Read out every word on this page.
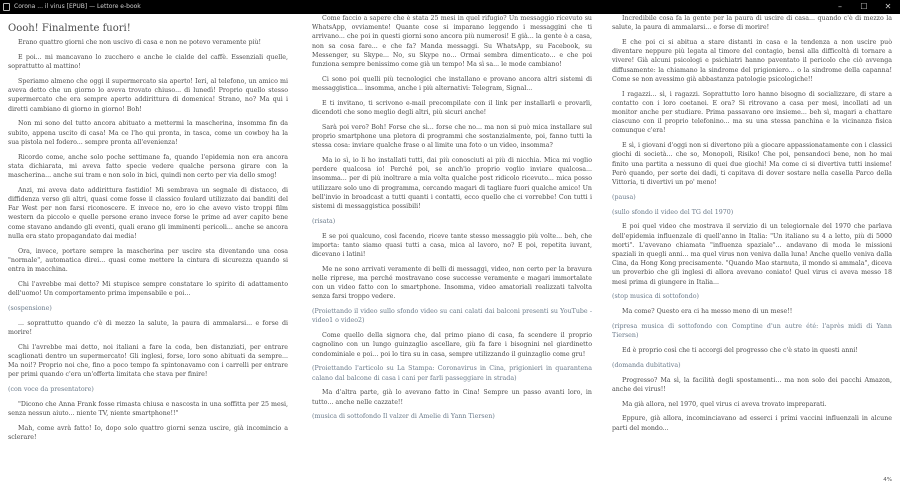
Corona ... il virus [EPUB] — Lettore e-book	–	☐	✕

Oooh! Finalmente fuori!

Erano quattro giorni che non uscivo di casa e non ne potevo veramente più!

E poi... mi mancavano lo zucchero e anche le cialde del caffè. Essenziali quelle, soprattutto al mattino!

Speriamo almeno che oggi il supermercato sia aperto! Ieri, al telefono, un amico mi aveva detto che un giorno lo aveva trovato chiuso... di lunedì! Proprio quello stesso supermercato che era sempre aperto addirittura di domenica! Strano, no? Ma qui i diretti cambiano di giorno in giorno! Boh!

Non mi sono del tutto ancora abituato a mettermi la mascherina, insomma fin da subito, appena uscito di casa! Ma ce l'ho qui pronta, in tasca, come un cowboy ha la sua pistola nel fodero... sempre pronta all'evenienza!

Ricordo come, anche solo poche settimane fa, quando l'epidemia non era ancora stata dichiarata, mi aveva fatto specie vedere qualche persona girare con la mascherina... anche sui tram e non solo in bici, quindi non certo per via dello smog!

Anzi, mi aveva dato addirittura fastidio! Mi sembrava un segnale di distacco, di diffidenza verso gli altri, quasi come fosse il classico foulard utilizzato dai banditi del Far West per non farsi riconoscere. E invece no, ero io che avevo visto troppi film western da piccolo e quelle persone erano invece forse le prime ad aver capito bene come stavano andando gli eventi, quali erano gli imminenti pericoli... anche se ancora nulla era stato propagandato dai media!

Ora, invece, portare sempre la mascherina per uscire sta diventando una cosa "normale", automatica direi... quasi come mettere la cintura di sicurezza quando si entra in macchina.

Chi l'avrebbe mai detto? Mi stupisce sempre constatare lo spirito di adattamento dell'uomo! Un comportamento prima impensabile e poi...

(sospensione)

... soprattutto quando c'è di mezzo la salute, la paura di ammalarsi... e forse di morire!

Chi l'avrebbe mai detto, noi italiani a fare la coda, ben distanziati, per entrare scaglionati dentro un supermercato! Gli inglesi, forse, loro sono abituati da sempre... Ma noi!? Proprio noi che, fino a poco tempo fa spintonavamo con i carrelli per entrare per primi quando c'era un'offerta limitata che stava per finire!

(con voce da presentatore)

"Dicono che Anna Frank fosse rimasta chiusa e nascosta in una soffitta per 25 mesi, senza nessun aiuto... niente TV, niente smartphone!!"

Mah, come avrà fatto! Io, dopo solo quattro giorni senza uscire, già incomincio a sclerare!

Come faccio a sapere che è stata 25 mesi in quel rifugio? Un messaggio ricevuto su WhatsApp, ovviamente! Quante cose si imparano leggendo i messaggini che ti arrivano... che poi in questi giorni sono ancora più numerosi! E già... la gente è a casa, non sa cosa fare... e che fa? Manda messaggi. Su WhatsApp, su Facebook, su Messenger, su Skype... No, su Skype no... Ormai sembra dimenticato... e che poi funziona sempre benissimo come già un tempo! Ma sì sa... le mode cambiano!

Ci sono poi quelli più tecnologici che installano e provano ancora altri sistemi di messaggistica... insomma, anche i più alternativi: Telegram, Signal...

E ti invitano, ti scrivono e-mail precompilate con il link per installarli e provarli, dicendoti che sono meglio degli altri, più sicuri anche!

Sarà poi vero? Boh! Forse che sì... forse che no... ma non si può mica installare sul proprio smartphone una pletora di programmi che sostanzialmente, poi, fanno tutti la stessa cosa: inviare qualche frase o al limite una foto o un video, insomma?

Ma io sì, io li ho installati tutti, dai più conosciuti ai più di nicchia. Mica mi voglio perdere qualcosa io! Perché poi, se anch'io proprio voglio inviare qualcosa... insomma... per di più inoltrare a mia volta qualche post ridicolo ricevuto... mica posso utilizzare solo uno di programma, cercando magari di tagliare fuori qualche amico! Un bell'invio in broadcast a tutti quanti i contatti, ecco quello che ci vorrebbe! Con tutti i sistemi di messaggistica possibili!

(risata)

E se poi qualcuno, così facendo, riceve tante stesso messaggio più volte... beh, che importa: tanto siamo quasi tutti a casa, mica al lavoro, no? E poi, repetita iuvant, dicevano i latini!

Me ne sono arrivati veramente di belli di messaggi, video, non certo per la bravura nelle riprese, ma perché mostravano cose successe veramente e magari immortalate con un video fatto con lo smartphone. Insomma, video amatoriali realizzati talvolta senza farsi troppo vedere.

(Proiettando il video sullo sfondo video su cani calati dai balconi presenti su YouTube - video1 o video2)

Come quello della signora che, dal primo piano di casa, fa scendere il proprio cagnolino con un lungo guinzaglio ascellare, giù fa fare i bisognini nel giardinetto condominiale e poi... poi lo tira su in casa, sempre utilizzando il guinzaglio come gru!

(Proiettando l'articolo su La Stampa: Coronavirus in Cina, prigionieri in quarantena calano dal balcone di casa i cani per farli passeggiare in strada)

Ma d'altra parte, già lo avevano fatto in Cina! Sempre un passo avanti loro, in tutto... anche nelle cazzate!!

(musica di sottofondo Il valzer di Amelie di Yann Tiersen)

Incredibile cosa fa la gente per la paura di uscire di casa... quando c'è di mezzo la salute, la paura di ammalarsi... e forse di morire!

E che poi ci si abitua a stare distanti in casa e la tendenza a non uscire può diventare neppure più legata al timore del contagio, bensì alla difficoltà di tornare a vivere! Già alcuni psicologi e psichiatri hanno paventato il pericolo che ciò avvenga diffusamente: la chiamano la sindrome del prigioniero... o la sindrome della capanna! Come se non avessimo già abbastanza patologie psicologiche!!

I ragazzi... sì, i ragazzi. Soprattutto loro hanno bisogno di socializzare, di stare a contatto con i loro coetanei. E ora? Si ritrovano a casa per mesi, incollati ad un monitor anche per studiare. Prima passavano ore insieme... beh sì, magari a chattare ciascuno con il proprio telefonino... ma su una stessa panchina e la vicinanza fisica comunque c'era!

E sì, i giovani d'oggi non si divertono più a giocare appassionatamente con i classici giochi di società... che so, Monopoli, Risiko! Che poi, pensandoci bene, non ho mai finito una partita a nessuno di quei due giochi! Ma come ci si divertiva tutti insieme! Però quando, per sorte dei dadi, ti capitava di dover sostare nella casella Parco della Vittoria, ti divertivi un po' meno!

(pausa)

(sullo sfondo il video del TG del 1970)

E poi quel video che mostrava il servizio di un telegiornale del 1970 che parlava dell'epidemia influenzale di quell'anno in Italia: "Un italiano su 4 a letto, più di 5000 morti". L'avevano chiamata "influenza spaziale"... andavano di moda le missioni spaziali in quegli anni... ma quel virus non veniva dalla luna! Anche quello veniva dalla Cina, da Hong Kong precisamente. "Quando Mao starnuta, il mondo si ammala", diceva un proverbio che gli inglesi di allora avevano coniato! Quel virus ci aveva messo 18 mesi prima di giungere in Italia...

(stop musica di sottofondo)

Ma come? Questo era ci ha messo meno di un mese!!

(ripresa musica di sottofondo con Comptine d'un autre été: l'après midi di Yann Tiersen)

Ed è proprio così che ti accorgi del progresso che c'è stato in questi anni!

(domanda dubitativa)

Progresso? Ma sì, la facilità degli spostamenti... ma non solo dei pacchi Amazon, anche dei virus!!

Ma già allora, nel 1970, quel virus ci aveva trovato impreparati.

Eppure, già allora, incominciavano ad esserci i primi vaccini influenzali in alcune parti del mondo...

4%
